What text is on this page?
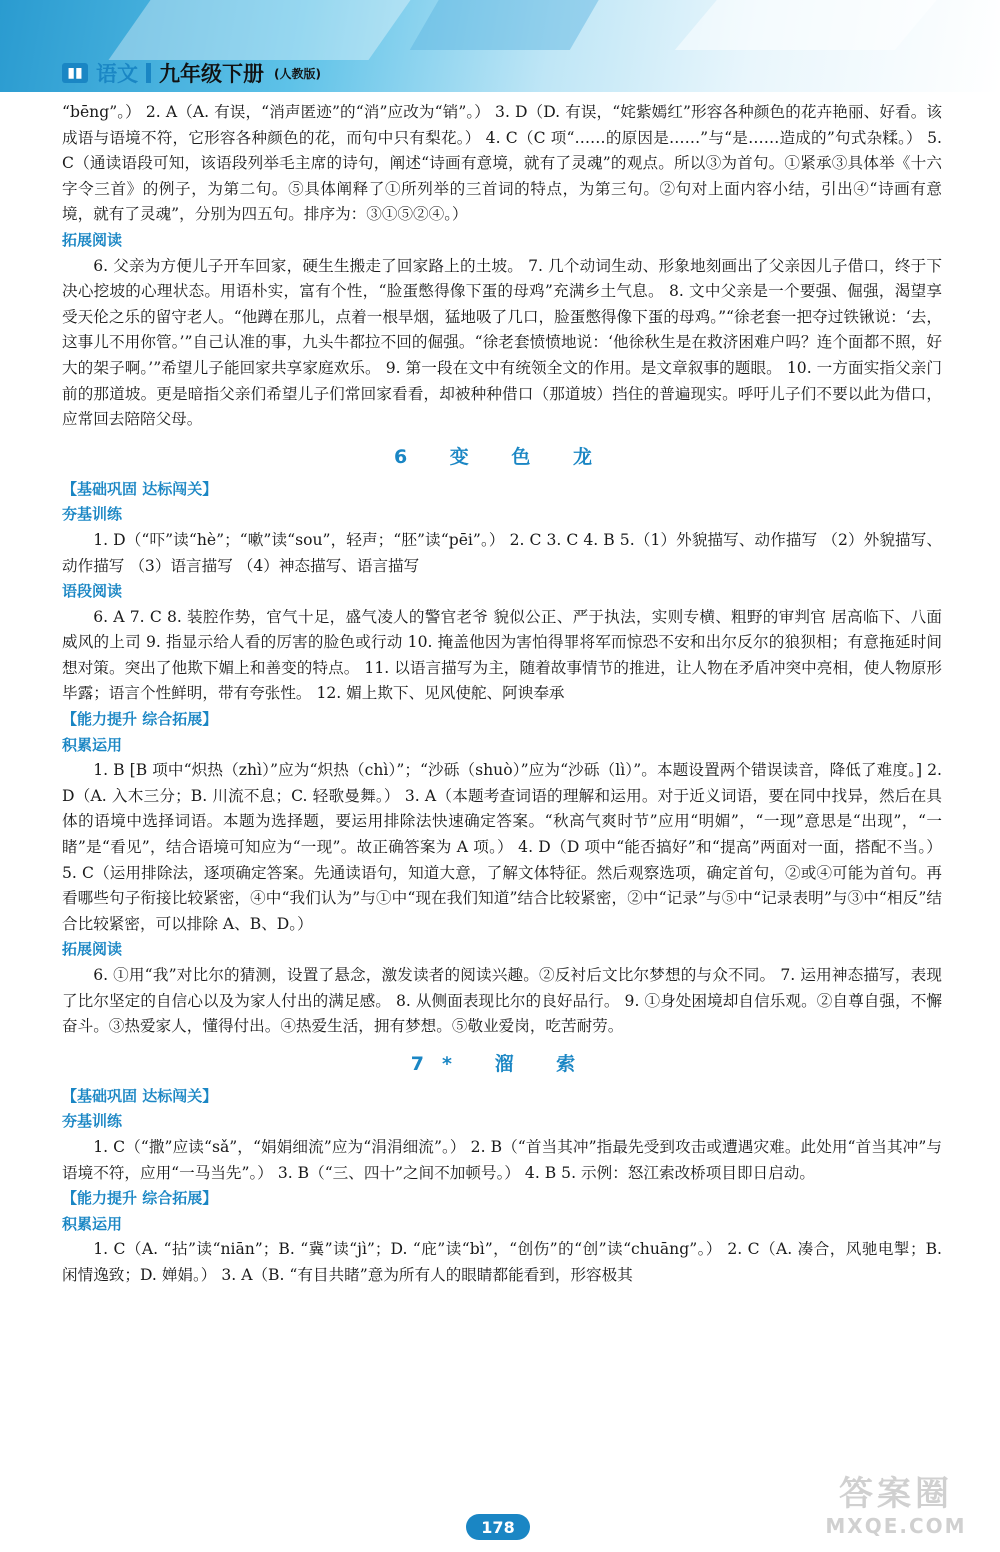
▮▮ 语文 九年级下册 (人教版)

“bēng”。） 2. A（A. 有误，“消声匿迹”的“消”应改为“销”。） 3. D（D. 有误，“姹紫嫣红”形容各种颜色的花卉艳丽、好看。该成语与语境不符，它形容各种颜色的花，而句中只有梨花。） 4. C（C 项“……的原因是……”与“是……造成的”句式杂糅。） 5. C（通读语段可知，该语段列举毛主席的诗句，阐述“诗画有意境，就有了灵魂”的观点。所以③为首句。①紧承③具体举《十六字令三首》的例子，为第二句。⑤具体阐释了①所列举的三首词的特点，为第三句。②句对上面内容小结，引出④“诗画有意境，就有了灵魂”，分别为四五句。排序为：③①⑤②④。）

拓展阅读

6. 父亲为方便儿子开车回家，硬生生搬走了回家路上的土坡。 7. 几个动词生动、形象地刻画出了父亲因儿子借口，终于下决心挖坡的心理状态。用语朴实，富有个性，“脸蛋憋得像下蛋的母鸡”充满乡土气息。 8. 文中父亲是一个要强、倔强，渴望享受天伦之乐的留守老人。“他蹲在那儿，点着一根旱烟，猛地吸了几口，脸蛋憋得像下蛋的母鸡。”“徐老套一把夺过铁锹说：‘去，这事儿不用你管。’”自己认准的事，九头牛都拉不回的倔强。“徐老套愤愤地说：‘他徐秋生是在救济困难户吗？连个面都不照，好大的架子啊。’”希望儿子能回家共享家庭欢乐。 9. 第一段在文中有统领全文的作用。是文章叙事的题眼。 10. 一方面实指父亲门前的那道坡。更是暗指父亲们希望儿子们常回家看看，却被种种借口（那道坡）挡住的普遍现实。呼吁儿子们不要以此为借口，应常回去陪陪父母。

6 变 色 龙
【基础巩固 达标闯关】
夯基训练

1. D（“吓”读“hè”；“嗽”读“sou”，轻声；“胚”读“pēi”。） 2. C 3. C 4. B 5.（1）外貌描写、动作描写 （2）外貌描写、动作描写 （3）语言描写 （4）神态描写、语言描写

语段阅读

6. A 7. C 8. 装腔作势，官气十足，盛气凌人的警官老爷 貌似公正、严于执法，实则专横、粗野的审判官 居高临下、八面威风的上司 9. 指显示给人看的厉害的脸色或行动 10. 掩盖他因为害怕得罪将军而惊恐不安和出尔反尔的狼狈相；有意拖延时间想对策。突出了他欺下媚上和善变的特点。 11. 以语言描写为主，随着故事情节的推进，让人物在矛盾冲突中亮相，使人物原形毕露；语言个性鲜明，带有夸张性。 12. 媚上欺下、见风使舵、阿谀奉承

【能力提升 综合拓展】
积累运用

1. B [B 项中“炽热（zhì）”应为“炽热（chì）”；“沙砾（shuò）”应为“沙砾（lì）”。本题设置两个错误读音，降低了难度。] 2. D（A. 入木三分；B. 川流不息；C. 轻歌曼舞。） 3. A（本题考查词语的理解和运用。对于近义词语，要在同中找异，然后在具体的语境中选择词语。本题为选择题，要运用排除法快速确定答案。“秋高气爽时节”应用“明媚”，“一现”意思是“出现”，“一睹”是“看见”，结合语境可知应为“一现”。故正确答案为 A 项。） 4. D（D 项中“能否搞好”和“提高”两面对一面，搭配不当。） 5. C（运用排除法，逐项确定答案。先通读语句，知道大意，了解文体特征。然后观察选项，确定首句，②或④可能为首句。再看哪些句子衔接比较紧密，④中“我们认为”与①中“现在我们知道”结合比较紧密，②中“记录”与⑤中“记录表明”与③中“相反”结合比较紧密，可以排除 A、B、D。）

拓展阅读

6. ①用“我”对比尔的猜测，设置了悬念，激发读者的阅读兴趣。②反衬后文比尔梦想的与众不同。 7. 运用神态描写，表现了比尔坚定的自信心以及为家人付出的满足感。 8. 从侧面表现比尔的良好品行。 9. ①身处困境却自信乐观。②自尊自强，不懈奋斗。③热爱家人，懂得付出。④热爱生活，拥有梦想。⑤敬业爱岗，吃苦耐劳。

7* 溜 索
【基础巩固 达标闯关】
夯基训练

1. C（“撒”应读“sǎ”，“娟娟细流”应为“涓涓细流”。） 2. B（“首当其冲”指最先受到攻击或遭遇灾难。此处用“首当其冲”与语境不符，应用“一马当先”。） 3. B（“三、四十”之间不加顿号。） 4. B 5. 示例：怒江索改桥项目即日启动。

【能力提升 综合拓展】
积累运用

1. C（A. “拈”读“niān”；B. “冀”读“jì”；D. “庇”读“bì”，“创伤”的“创”读“chuāng”。） 2. C（A. 凑合，风驰电掣；B. 闲情逸致；D. 婵娟。） 3. A（B. “有目共睹”意为所有人的眼睛都能看到，形容极其

178
答案圈
MXQE.COM
